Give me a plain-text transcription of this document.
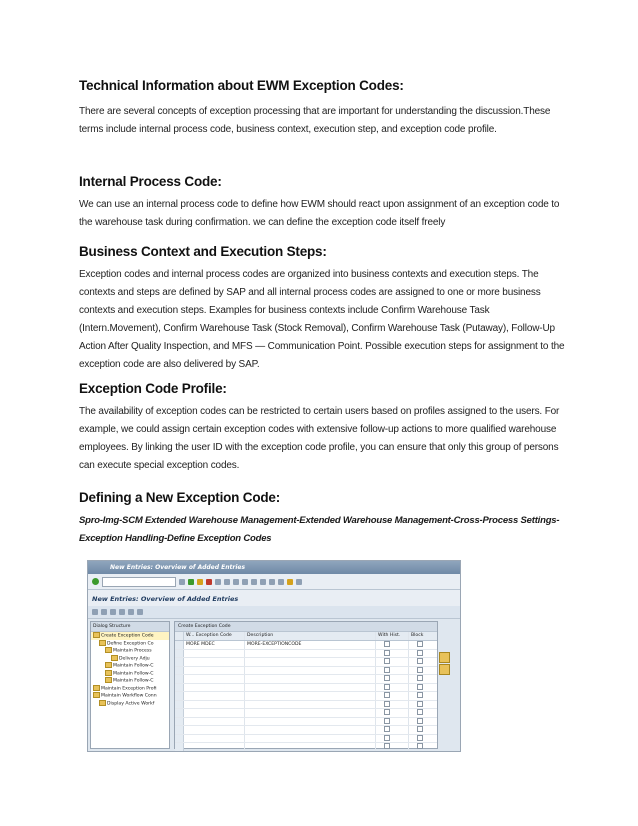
Technical Information about EWM Exception Codes:

There are several concepts of exception processing that are important for understanding the discussion.These terms include internal process code, business context, execution step, and exception code profile.

Internal Process Code:

We can use an internal process code to define how EWM should react upon assignment of an exception code to the warehouse task during confirmation. we can define the exception code itself freely

Business Context and Execution Steps:

Exception codes and internal process codes are organized into business contexts and execution steps. The contexts and steps are defined by SAP and all internal process codes are assigned to one or more business contexts and execution steps. Examples for business contexts include Confirm Warehouse Task (Intern.Movement), Confirm Warehouse Task (Stock Removal), Confirm Warehouse Task (Putaway), Follow-Up Action After Quality Inspection, and MFS — Communication Point. Possible execution steps for assignment to the exception code are also delivered by SAP.

Exception Code Profile:

The availability of exception codes can be restricted to certain users based on profiles assigned to the users. For example, we could assign certain exception codes with extensive follow-up actions to more qualified warehouse employees. By linking the user ID with the exception code profile, you can ensure that only this group of persons can execute special exception codes.

Defining a New Exception Code:
Spro-Img-SCM Extended Warehouse Management-Extended Warehouse Management-Cross-Process Settings-Exception Handling-Define Exception Codes
New Entries: Overview of Added Entries
New Entries: Overview of Added Entries
Dialog Structure
Create Exception Code
Define Exception Co
Maintain Process
Delivery Adju
Maintain Follow-C
Maintain Follow-C
Maintain Follow-C
Maintain Exception Profi
Maintain Workflow Conn
Display Active Workf
Create Exception Code
W... Exception Code	Description	With Hist.	Block
MORE MDEC	MORE-EXCEPTIONCODE
